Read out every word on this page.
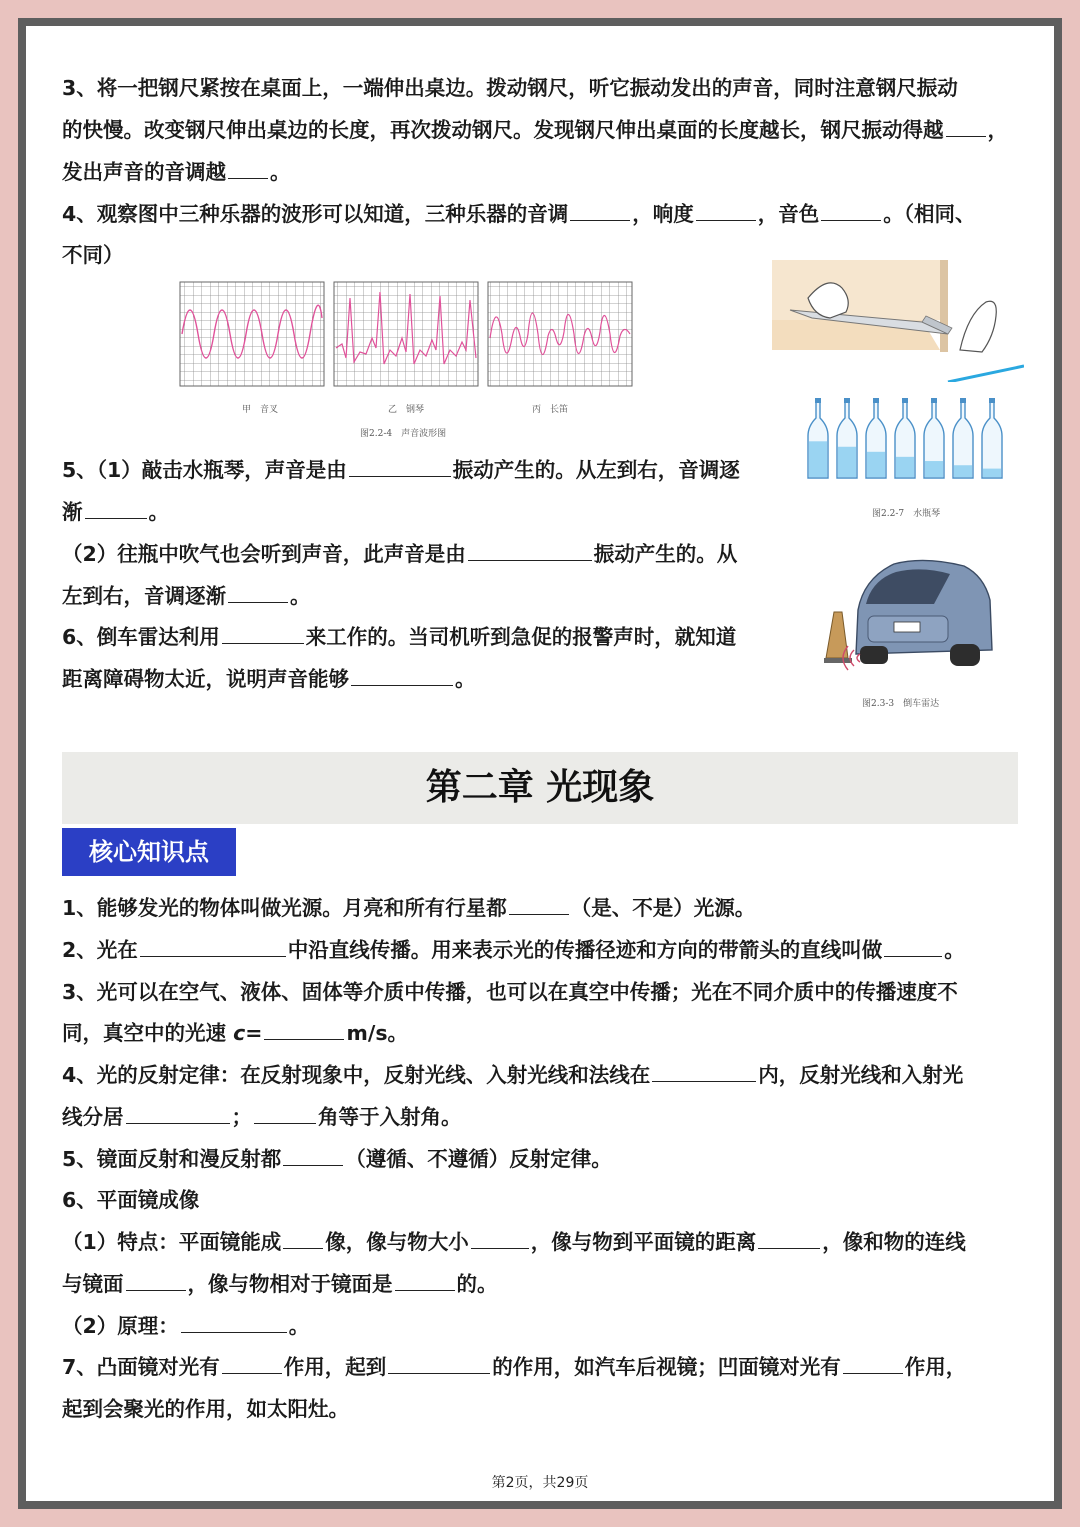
3、将一把钢尺紧按在桌面上，一端伸出桌边。拨动钢尺，听它振动发出的声音，同时注意钢尺振动
的快慢。改变钢尺伸出桌边的长度，再次拨动钢尺。发现钢尺伸出桌面的长度越长，钢尺振动得越 ，
发出声音的音调越 。
4、观察图中三种乐器的波形可以知道，三种乐器的音调	，响度	，音色	。（相同、
不同）
甲　音叉	乙　钢琴	丙　长笛
图2.2-4　声音波形图
图2.2-7　水瓶琴
5、（1）敲击水瓶琴，声音是由	振动产生的。从左到右，音调逐
渐	。
（2）往瓶中吹气也会听到声音，此声音是由	振动产生的。从
左到右，音调逐渐	。
图2.3-3　倒车雷达
6、倒车雷达利用	来工作的。当司机听到急促的报警声时，就知道
距离障碍物太近，说明声音能够	。
第二章 光现象
核心知识点
1、能够发光的物体叫做光源。月亮和所有行星都	（是、不是）光源。
2、光在	中沿直线传播。用来表示光的传播径迹和方向的带箭头的直线叫做	。
3、光可以在空气、液体、固体等介质中传播，也可以在真空中传播；光在不同介质中的传播速度不
同，真空中的光速 c=	m/s。
4、光的反射定律：在反射现象中，反射光线、入射光线和法线在	内，反射光线和入射光
线分居	；	角等于入射角。
5、镜面反射和漫反射都	（遵循、不遵循）反射定律。
6、平面镜成像
（1）特点：平面镜能成 像，像与物大小	，像与物到平面镜的距离	，像和物的连线
与镜面	，像与物相对于镜面是	的。
（2）原理：	。
7、凸面镜对光有	作用，起到	的作用，如汽车后视镜；凹面镜对光有	作用，
起到会聚光的作用，如太阳灶。
第2页，共29页
